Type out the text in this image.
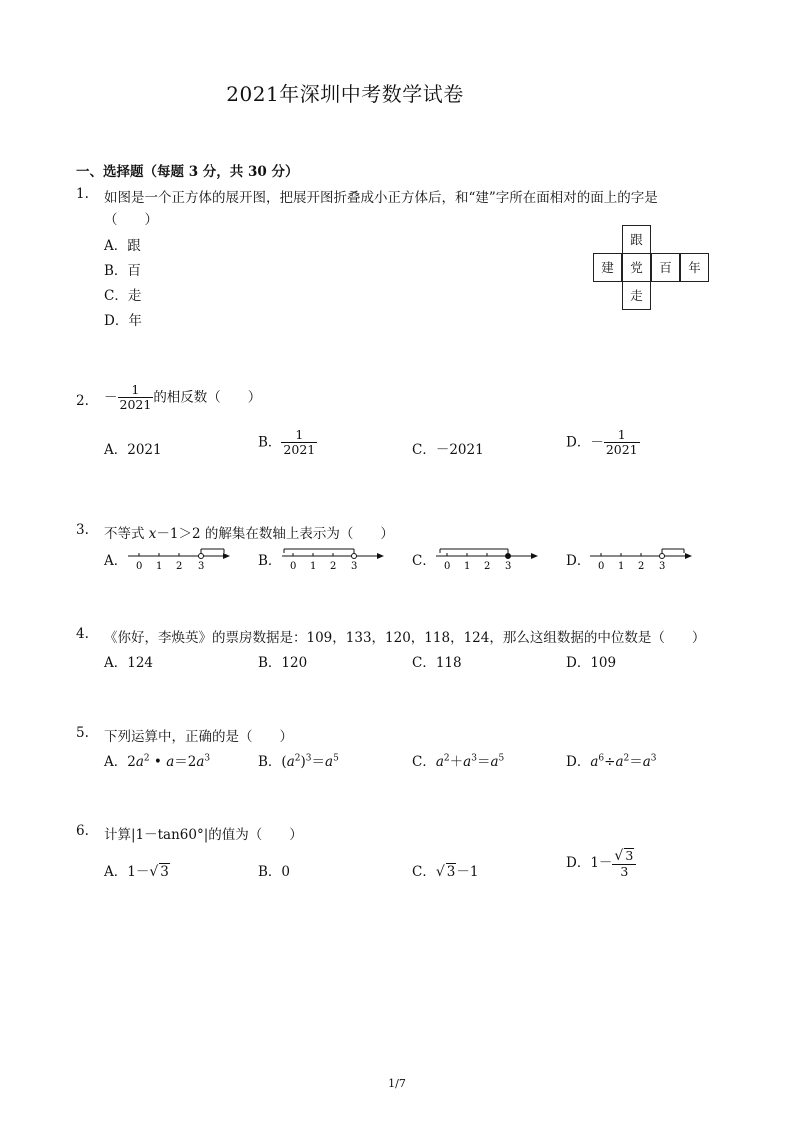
2021年深圳中考数学试卷
一、选择题（每题 3 分，共 30 分）
1. 如图是一个正方体的展开图，把展开图折叠成小正方体后，和“建”字所在面相对的面上的字是
（　　）
A．跟
B．百
C．走
D．年
跟
建	党	百	年
走
2. － $\frac{1}{2021}$ 的相反数（　　）
A．2021	B． $\frac{1}{2021}$	C．－2021	D．－ $\frac{1}{2021}$
3. 不等式 x－1＞2 的解集在数轴上表示为（　　）
A．	B．	C．	D．
0 1 2 3	0 1 2 3	0 1 2 3	0 1 2 3
4. 《你好，李焕英》的票房数据是：109，133，120，118，124，那么这组数据的中位数是（　　）
A．124	B．120	C．118	D．109
5. 下列运算中，正确的是（　　）
A．$2a^2$ • $a=2a^3$	B．$(a^2)^3=a^5$	C．$a^2+a^3=a^5$	D．$a^6\div a^2=a^3$
6. 计算|1－tan60°|的值为（　　）
A．1－√ 3	B．0	C．√ 3－1
D．$1- \frac{√ 3}{3}$
1/7
